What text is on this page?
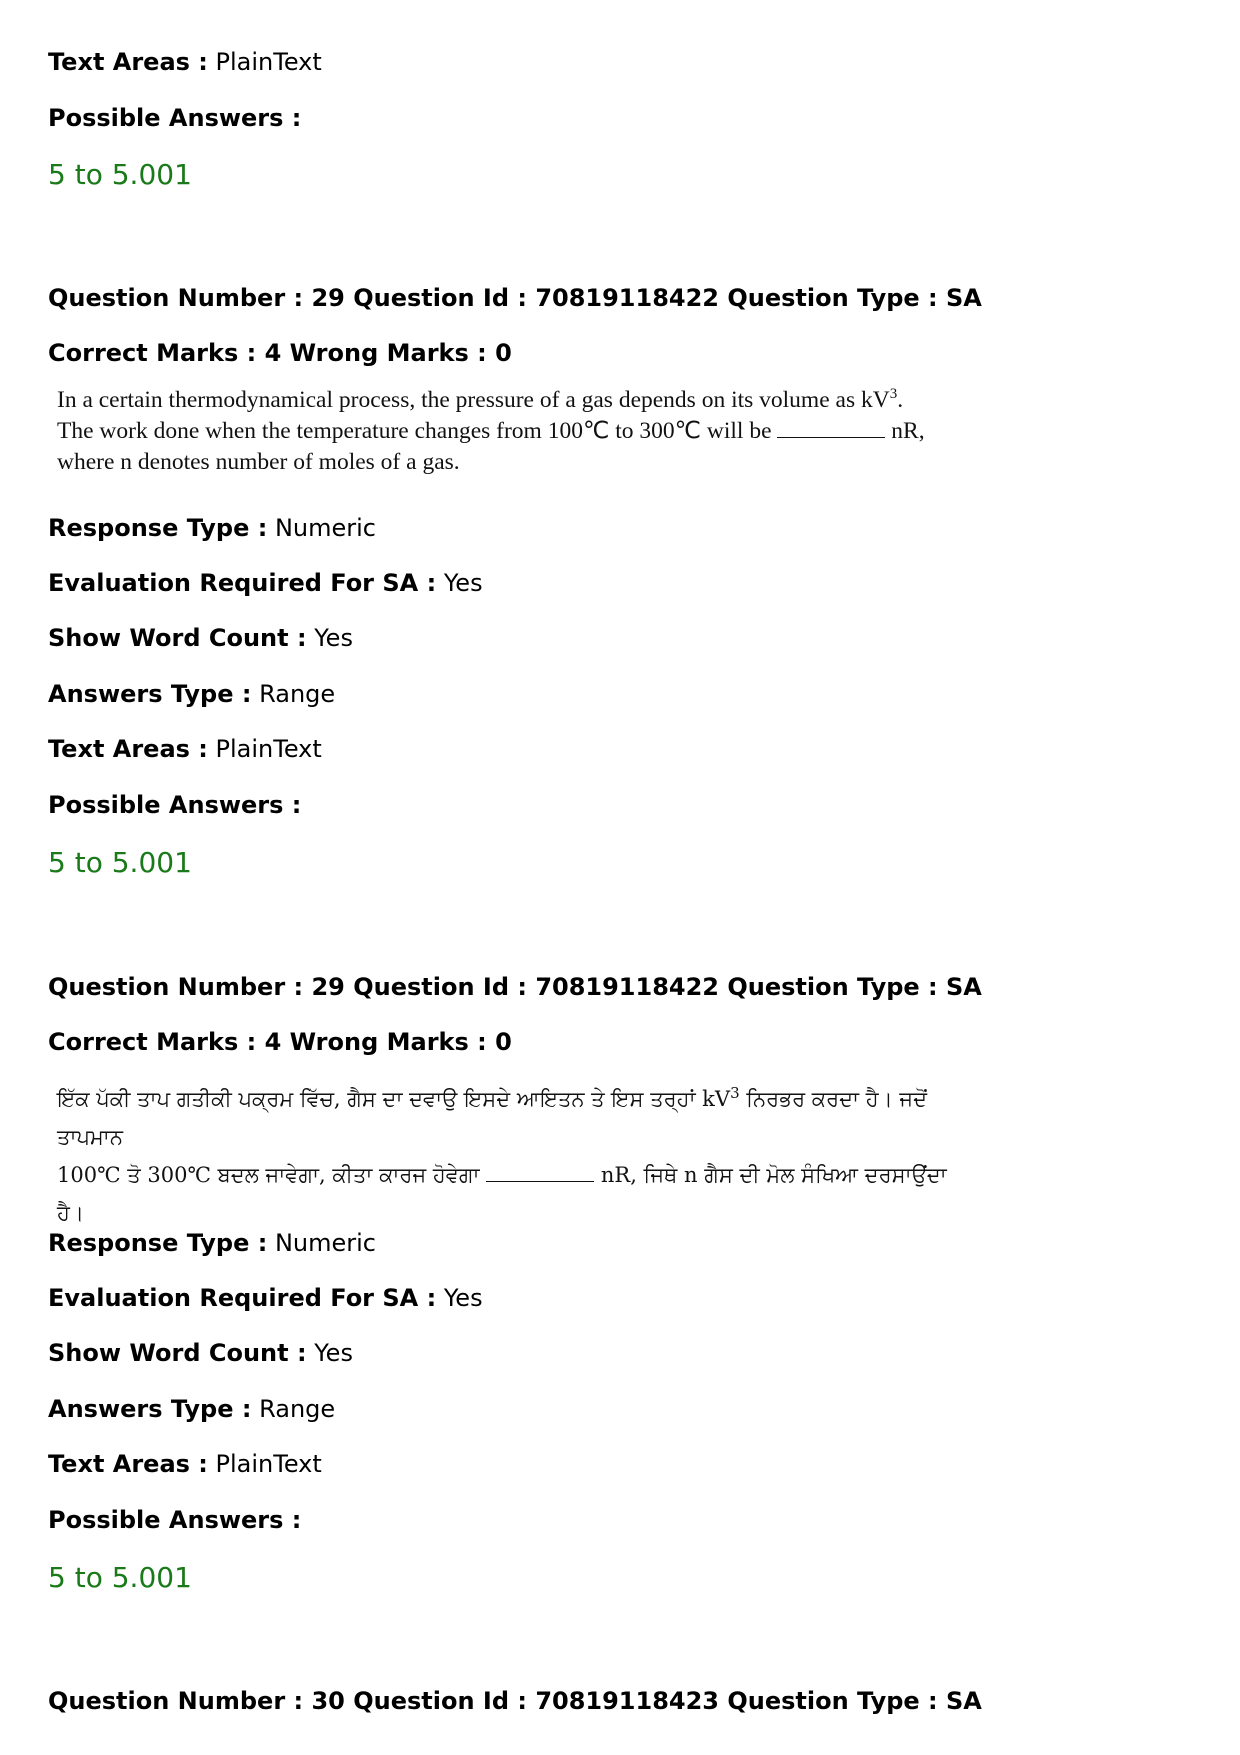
Text Areas : PlainText
Possible Answers :
5 to 5.001
Question Number : 29 Question Id : 70819118422 Question Type : SA
Correct Marks : 4 Wrong Marks : 0
In a certain thermodynamical process, the pressure of a gas depends on its volume as $kV^3$.
The work done when the temperature changes from 100℃ to 300℃ will be	nR,
where n denotes number of moles of a gas.
Response Type : Numeric
Evaluation Required For SA : Yes
Show Word Count : Yes
Answers Type : Range
Text Areas : PlainText
Possible Answers :
5 to 5.001
Question Number : 29 Question Id : 70819118422 Question Type : SA
Correct Marks : 4 Wrong Marks : 0
ਇੱਕ ਪੱਕੀ ਤਾਪ ਗਤੀਕੀ ਪਕ੍ਰਮ ਵਿੱਚ, ਗੈਸ ਦਾ ਦਵਾਉ ਇਸਦੇ ਆਇਤਨ ਤੇ ਇਸ ਤਰ੍ਹਾਂ $kV^3$ ਨਿਰਭਰ ਕਰਦਾ ਹੈ। ਜਦੋਂ ਤਾਪਮਾਨ
100℃ ਤੋ 300℃ ਬਦਲ ਜਾਵੇਗਾ, ਕੀਤਾ ਕਾਰਜ ਹੋਵੇਗਾ	nR, ਜਿਥੇ n ਗੈਸ ਦੀ ਮੋਲ ਸੰਖਿਆ ਦਰਸਾਉਂਦਾ
ਹੈ।
Response Type : Numeric
Evaluation Required For SA : Yes
Show Word Count : Yes
Answers Type : Range
Text Areas : PlainText
Possible Answers :
5 to 5.001
Question Number : 30 Question Id : 70819118423 Question Type : SA
